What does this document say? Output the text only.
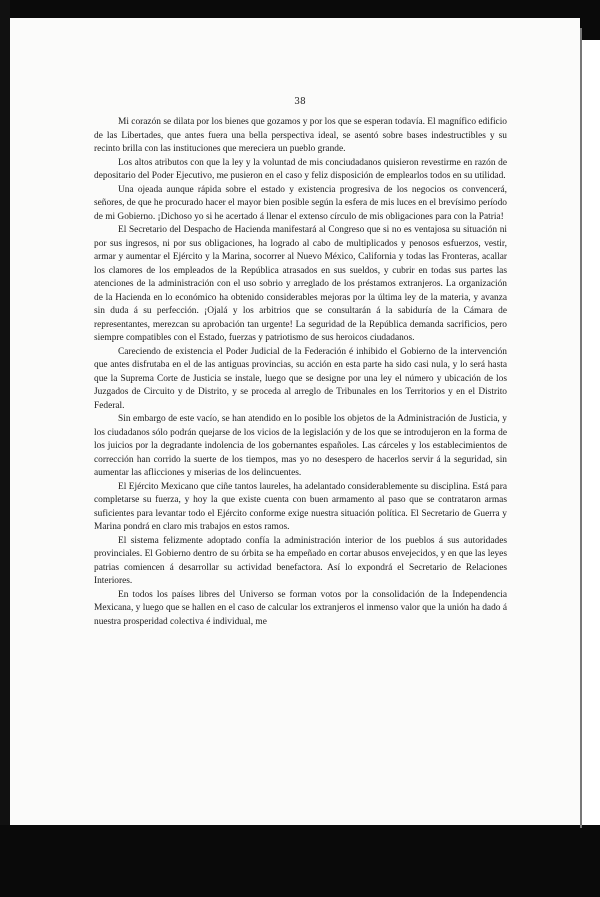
38

Mi corazón se dilata por los bienes que gozamos y por los que se esperan todavía. El magnífico edificio de las Libertades, que antes fuera una bella perspectiva ideal, se asentó sobre bases indestructibles y su recinto brilla con las instituciones que mereciera un pueblo grande.

Los altos atributos con que la ley y la voluntad de mis conciudadanos quisieron revestirme en razón de depositario del Poder Ejecutivo, me pusieron en el caso y feliz disposición de emplearlos todos en su utilidad.

Una ojeada aunque rápida sobre el estado y existencia progresiva de los negocios os convencerá, señores, de que he procurado hacer el mayor bien posible según la esfera de mis luces en el brevísimo período de mi Gobierno. ¡Dichoso yo si he acertado á llenar el extenso círculo de mis obligaciones para con la Patria!

El Secretario del Despacho de Hacienda manifestará al Congreso que si no es ventajosa su situación ni por sus ingresos, ni por sus obligaciones, ha logrado al cabo de multiplicados y penosos esfuerzos, vestir, armar y aumentar el Ejército y la Marina, socorrer al Nuevo México, California y todas las Fronteras, acallar los clamores de los empleados de la República atrasados en sus sueldos, y cubrir en todas sus partes las atenciones de la administración con el uso sobrio y arreglado de los préstamos extranjeros. La organización de la Hacienda en lo económico ha obtenido considerables mejoras por la última ley de la materia, y avanza sin duda á su perfección. ¡Ojalá y los arbitrios que se consultarán á la sabiduría de la Cámara de representantes, merezcan su aprobación tan urgente! La seguridad de la República demanda sacrificios, pero siempre compatibles con el Estado, fuerzas y patriotismo de sus heroicos ciudadanos.

Careciendo de existencia el Poder Judicial de la Federación é inhibido el Gobierno de la intervención que antes disfrutaba en el de las antiguas provincias, su acción en esta parte ha sido casi nula, y lo será hasta que la Suprema Corte de Justicia se instale, luego que se designe por una ley el número y ubicación de los Juzgados de Circuito y de Distrito, y se proceda al arreglo de Tribunales en los Territorios y en el Distrito Federal.

Sin embargo de este vacío, se han atendido en lo posible los objetos de la Administración de Justicia, y los ciudadanos sólo podrán quejarse de los vicios de la legislación y de los que se introdujeron en la forma de los juicios por la degradante indolencia de los gobernantes españoles. Las cárceles y los establecimientos de corrección han corrido la suerte de los tiempos, mas yo no desespero de hacerlos servir á la seguridad, sin aumentar las aflicciones y miserias de los delincuentes.

El Ejército Mexicano que ciñe tantos laureles, ha adelantado considerablemente su disciplina. Está para completarse su fuerza, y hoy la que existe cuenta con buen armamento al paso que se contrataron armas suficientes para levantar todo el Ejército conforme exige nuestra situación política. El Secretario de Guerra y Marina pondrá en claro mis trabajos en estos ramos.

El sistema felizmente adoptado confía la administración interior de los pueblos á sus autoridades provinciales. El Gobierno dentro de su órbita se ha empeñado en cortar abusos envejecidos, y en que las leyes patrias comiencen á desarrollar su actividad benefactora. Así lo expondrá el Secretario de Relaciones Interiores.

En todos los países libres del Universo se forman votos por la consolidación de la Independencia Mexicana, y luego que se hallen en el caso de calcular los extranjeros el inmenso valor que la unión ha dado á nuestra prosperidad colectiva é individual, me
